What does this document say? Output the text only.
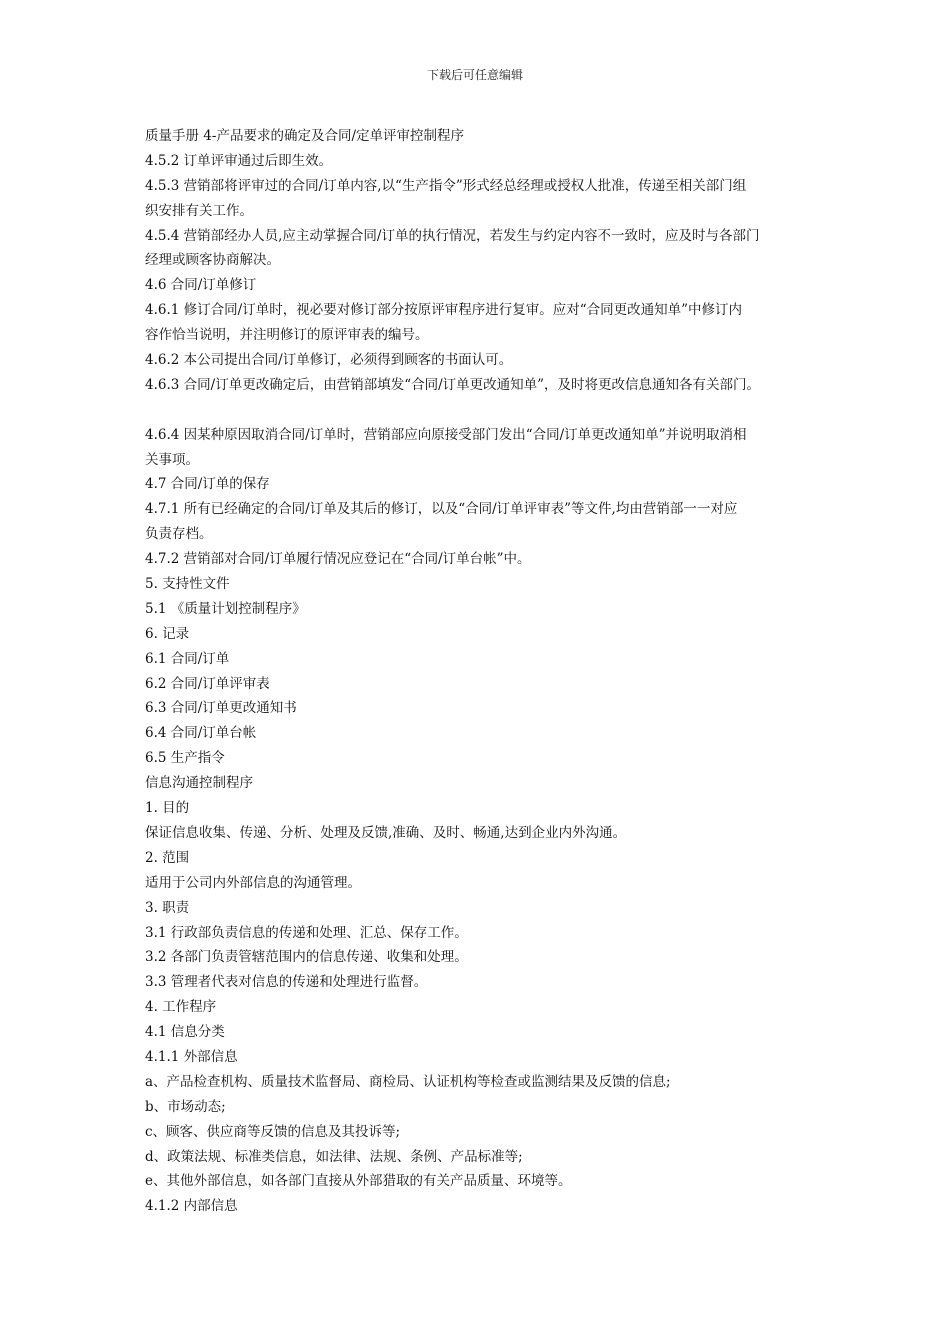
下载后可任意编辑
质量手册 4-产品要求的确定及合同/定单评审控制程序
4.5.2 订单评审通过后即生效。
4.5.3 营销部将评审过的合同/订单内容,以“生产指令”形式经总经理或授权人批准，传递至相关部门组
织安排有关工作。
4.5.4 营销部经办人员,应主动掌握合同/订单的执行情况，若发生与约定内容不一致时，应及时与各部门
经理或顾客协商解决。
4.6 合同/订单修订
4.6.1 修订合同/订单时，视必要对修订部分按原评审程序进行复审。应对“合同更改通知单”中修订内
容作恰当说明，并注明修订的原评审表的编号。
4.6.2 本公司提出合同/订单修订，必须得到顾客的书面认可。
4.6.3 合同/订单更改确定后，由营销部填发“合同/订单更改通知单”，及时将更改信息通知各有关部门。
4.6.4 因某种原因取消合同/订单时，营销部应向原接受部门发出“合同/订单更改通知单”并说明取消相
关事项。
4.7 合同/订单的保存
4.7.1 所有已经确定的合同/订单及其后的修订，以及“合同/订单评审表”等文件,均由营销部一一对应
负责存档。
4.7.2 营销部对合同/订单履行情况应登记在“合同/订单台帐”中。
5. 支持性文件
5.1 《质量计划控制程序》
6. 记录
6.1 合同/订单
6.2 合同/订单评审表
6.3 合同/订单更改通知书
6.4 合同/订单台帐
6.5 生产指令
信息沟通控制程序
1. 目的
保证信息收集、传递、分析、处理及反馈,准确、及时、畅通,达到企业内外沟通。
2. 范围
适用于公司内外部信息的沟通管理。
3. 职责
3.1 行政部负责信息的传递和处理、汇总、保存工作。
3.2 各部门负责管辖范围内的信息传递、收集和处理。
3.3 管理者代表对信息的传递和处理进行监督。
4. 工作程序
4.1 信息分类
4.1.1 外部信息
a、产品检查机构、质量技术监督局、商检局、认证机构等检查或监测结果及反馈的信息;
b、市场动态;
c、顾客、供应商等反馈的信息及其投诉等;
d、政策法规、标准类信息，如法律、法规、条例、产品标准等;
e、其他外部信息，如各部门直接从外部猎取的有关产品质量、环境等。
4.1.2 内部信息
